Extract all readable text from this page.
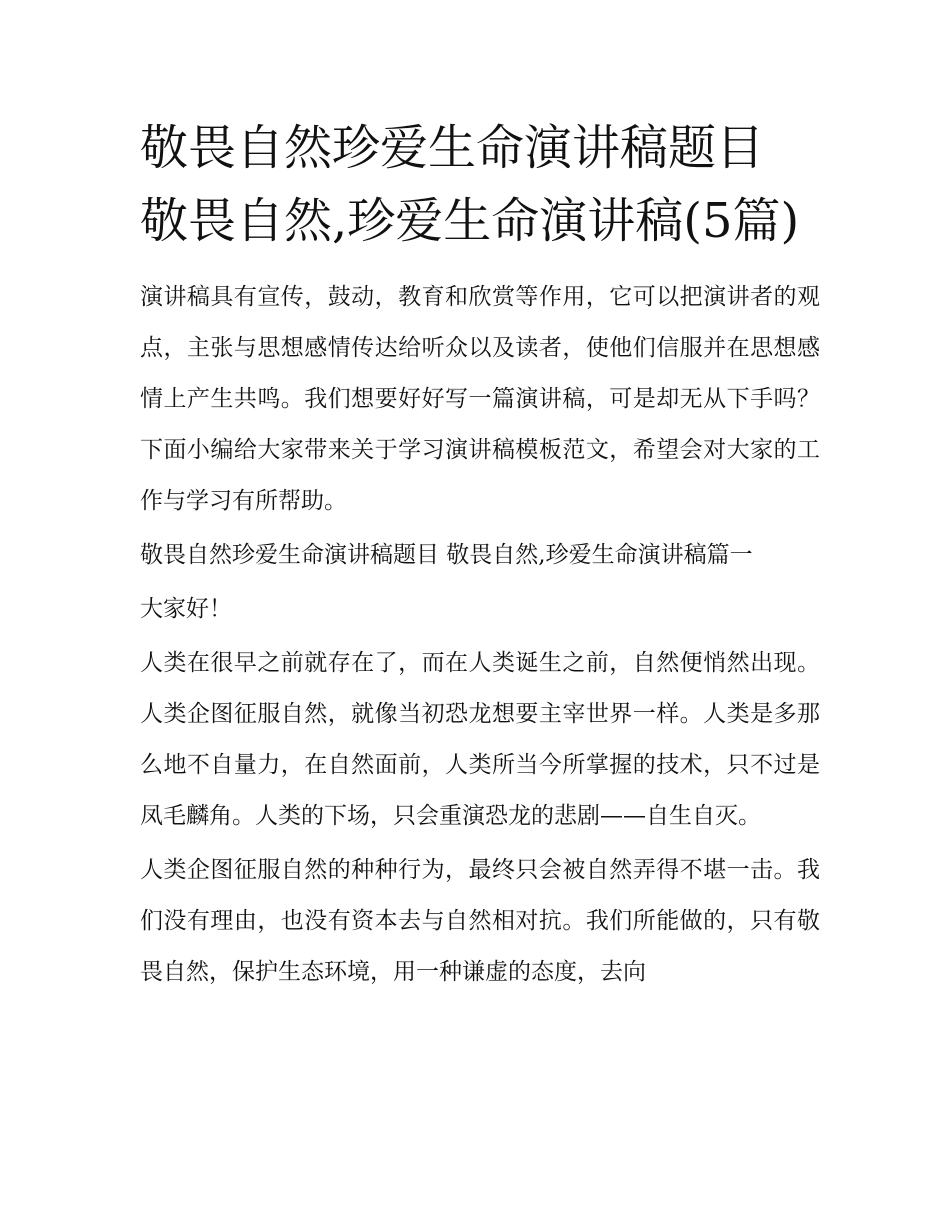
敬畏自然珍爱生命演讲稿题目 敬畏自然,珍爱生命演讲稿(5篇)

演讲稿具有宣传，鼓动，教育和欣赏等作用，它可以把演讲者的观点，主张与思想感情传达给听众以及读者，使他们信服并在思想感情上产生共鸣。我们想要好好写一篇演讲稿，可是却无从下手吗？下面小编给大家带来关于学习演讲稿模板范文，希望会对大家的工作与学习有所帮助。

敬畏自然珍爱生命演讲稿题目 敬畏自然,珍爱生命演讲稿篇一

大家好！

人类在很早之前就存在了，而在人类诞生之前，自然便悄然出现。人类企图征服自然，就像当初恐龙想要主宰世界一样。人类是多那么地不自量力，在自然面前，人类所当今所掌握的技术，只不过是凤毛麟角。人类的下场，只会重演恐龙的悲剧——自生自灭。

人类企图征服自然的种种行为，最终只会被自然弄得不堪一击。我们没有理由，也没有资本去与自然相对抗。我们所能做的，只有敬畏自然，保护生态环境，用一种谦虚的态度，去向
